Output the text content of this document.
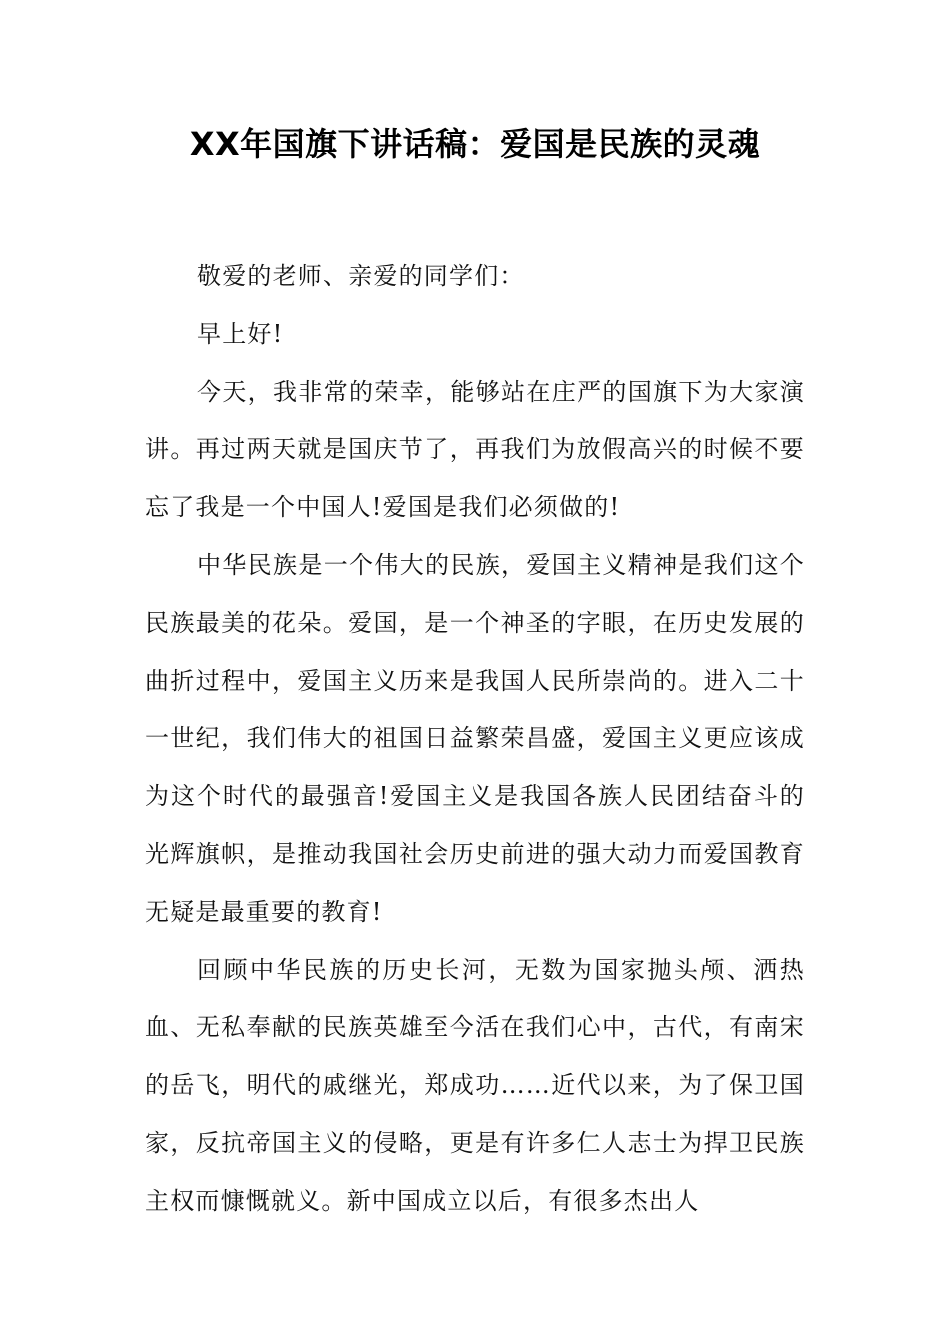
XX年国旗下讲话稿：爱国是民族的灵魂

敬爱的老师、亲爱的同学们：

早上好!

今天，我非常的荣幸，能够站在庄严的国旗下为大家演讲。再过两天就是国庆节了，再我们为放假高兴的时候不要忘了我是一个中国人!爱国是我们必须做的!

中华民族是一个伟大的民族，爱国主义精神是我们这个民族最美的花朵。爱国，是一个神圣的字眼，在历史发展的曲折过程中，爱国主义历来是我国人民所崇尚的。进入二十一世纪，我们伟大的祖国日益繁荣昌盛，爱国主义更应该成为这个时代的最强音!爱国主义是我国各族人民团结奋斗的光辉旗帜，是推动我国社会历史前进的强大动力而爱国教育无疑是最重要的教育!

回顾中华民族的历史长河，无数为国家抛头颅、洒热血、无私奉献的民族英雄至今活在我们心中，古代，有南宋的岳飞，明代的戚继光，郑成功……近代以来，为了保卫国家，反抗帝国主义的侵略，更是有许多仁人志士为捍卫民族主权而慷慨就义。新中国成立以后，有很多杰出人
